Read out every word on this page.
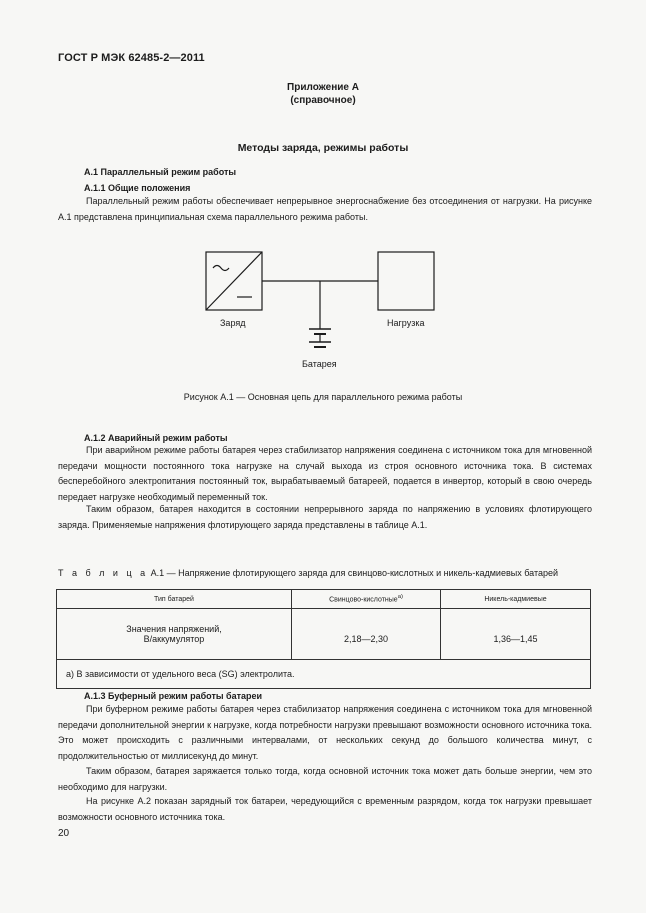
ГОСТ Р МЭК 62485-2—2011
Приложение А
(справочное)
Методы заряда, режимы работы
А.1 Параллельный режим работы
А.1.1 Общие положения
Параллельный режим работы обеспечивает непрерывное энергоснабжение без отсоединения от нагрузки. На рисунке А.1 представлена принципиальная схема параллельного режима работы.
Заряд	Нагрузка
Батарея
Рисунок А.1 — Основная цепь для параллельного режима работы
А.1.2 Аварийный режим работы
При аварийном режиме работы батарея через стабилизатор напряжения соединена с источником тока для мгновенной передачи мощности постоянного тока нагрузке на случай выхода из строя основного источника тока. В системах бесперебойного электропитания постоянный ток, вырабатываемый батареей, подается в инвертор, который в свою очередь передает нагрузке необходимый переменный ток.
Таким образом, батарея находится в состоянии непрерывного заряда по напряжению в условиях флотирующего заряда. Применяемые напряжения флотирующего заряда представлены в таблице А.1.
Т а б л и ц а А.1 — Напряжение флотирующего заряда для свинцово-кислотных и никель-кадмиевых батарей
Тип батарей	Свинцово-кислотные$^{а)}$	Никель-кадмиевые

Значения напряжений,
В/аккумулятор	2,18—2,30	1,36—1,45
а) В зависимости от удельного веса (SG) электролита.		
А.1.3 Буферный режим работы батареи
При буферном режиме работы батарея через стабилизатор напряжения соединена с источником тока для мгновенной передачи дополнительной энергии к нагрузке, когда потребности нагрузки превышают возможности основного источника тока. Это может происходить с различными интервалами, от нескольких секунд до большого количества минут, с продолжительностью от миллисекунд до минут.
Таким образом, батарея заряжается только тогда, когда основной источник тока может дать больше энергии, чем это необходимо для нагрузки.
На рисунке А.2 показан зарядный ток батареи, чередующийся с временным разрядом, когда ток нагрузки превышает возможности основного источника тока.
20
